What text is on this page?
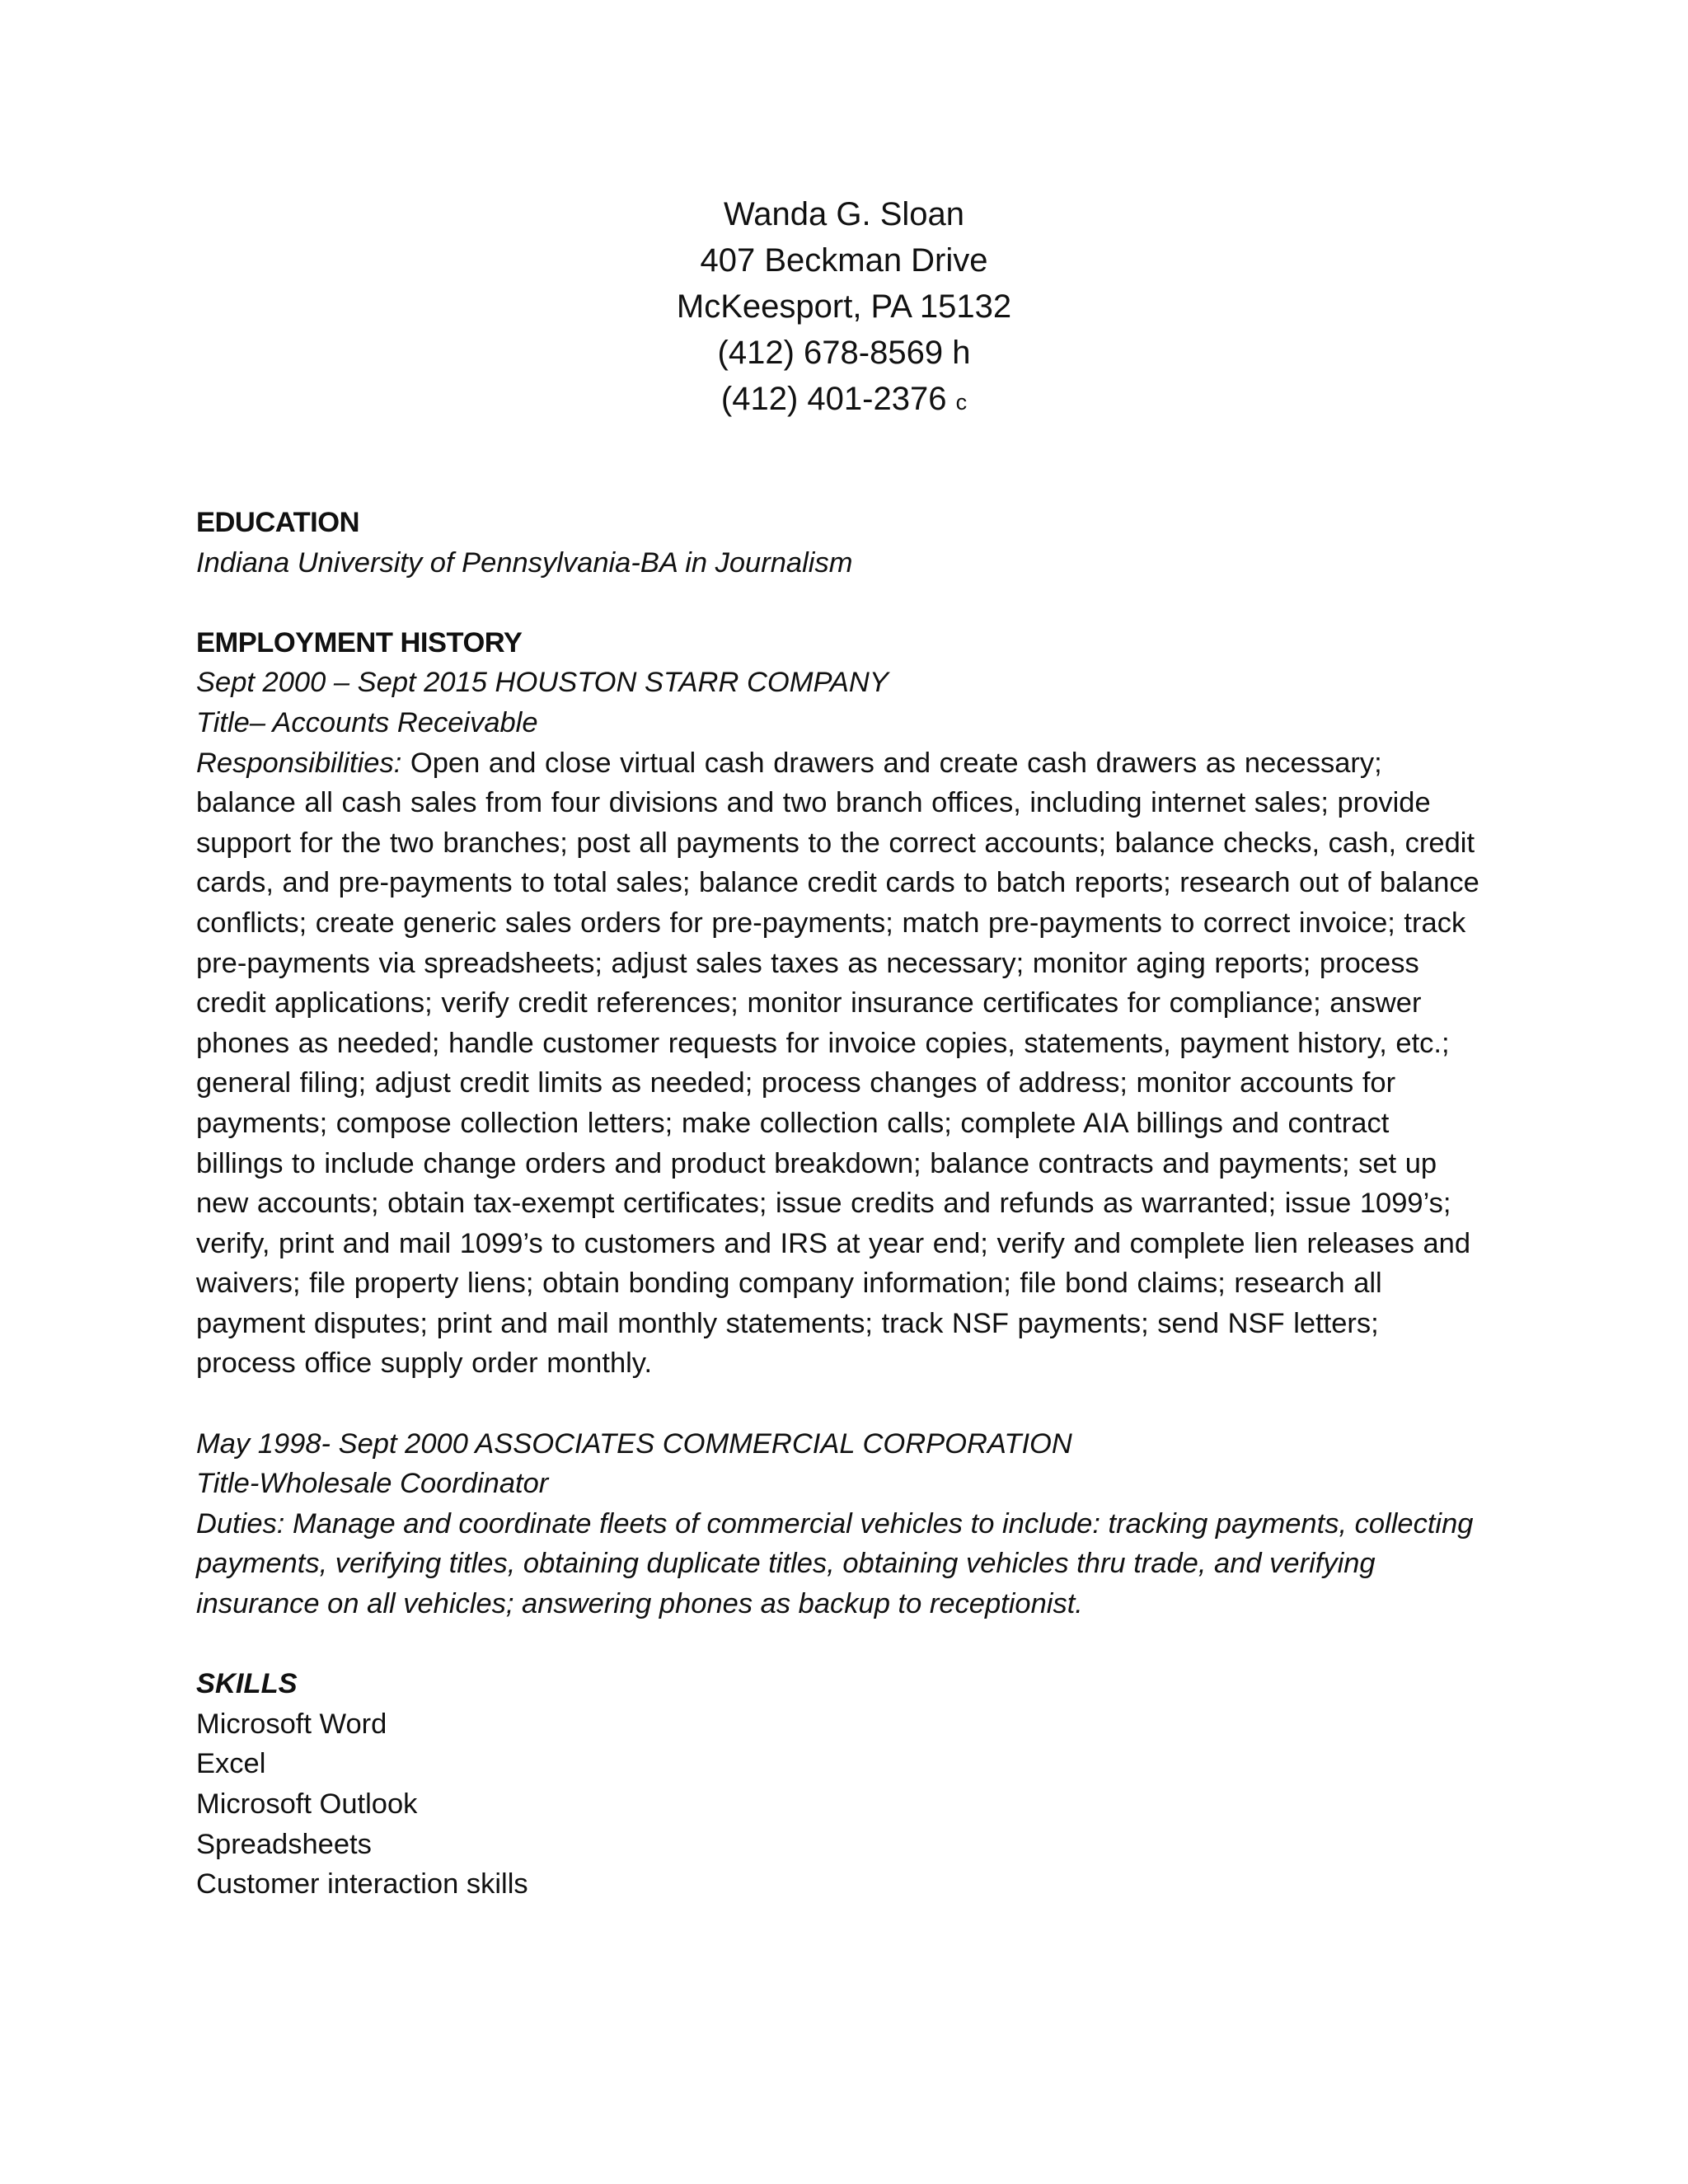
Wanda G. Sloan
407 Beckman Drive
McKeesport, PA 15132
(412) 678-8569 h
(412) 401-2376 c
EDUCATION
Indiana University of Pennsylvania-BA in Journalism
EMPLOYMENT HISTORY
Sept 2000 – Sept 2015 HOUSTON STARR COMPANY
Title– Accounts Receivable
Responsibilities: Open and close virtual cash drawers and create cash drawers as necessary; balance all cash sales from four divisions and two branch offices, including internet sales; provide support for the two branches; post all payments to the correct accounts; balance checks, cash, credit cards, and pre-payments to total sales; balance credit cards to batch reports; research out of balance conflicts; create generic sales orders for pre-payments; match pre-payments to correct invoice; track pre-payments via spreadsheets; adjust sales taxes as necessary; monitor aging reports; process credit applications; verify credit references; monitor insurance certificates for compliance; answer phones as needed; handle customer requests for invoice copies, statements, payment history, etc.; general filing; adjust credit limits as needed; process changes of address; monitor accounts for payments; compose collection letters; make collection calls; complete AIA billings and contract billings to include change orders and product breakdown; balance contracts and payments; set up new accounts; obtain tax-exempt certificates; issue credits and refunds as warranted; issue 1099’s; verify, print and mail 1099’s to customers and IRS at year end; verify and complete lien releases and waivers; file property liens; obtain bonding company information; file bond claims; research all payment disputes; print and mail monthly statements; track NSF payments; send NSF letters; process office supply order monthly.
May 1998- Sept 2000 ASSOCIATES COMMERCIAL CORPORATION
Title-Wholesale Coordinator
Duties: Manage and coordinate fleets of commercial vehicles to include: tracking payments, collecting payments, verifying titles, obtaining duplicate titles, obtaining vehicles thru trade, and verifying insurance on all vehicles; answering phones as backup to receptionist.
SKILLS
Microsoft Word
Excel
Microsoft Outlook
Spreadsheets
Customer interaction skills
